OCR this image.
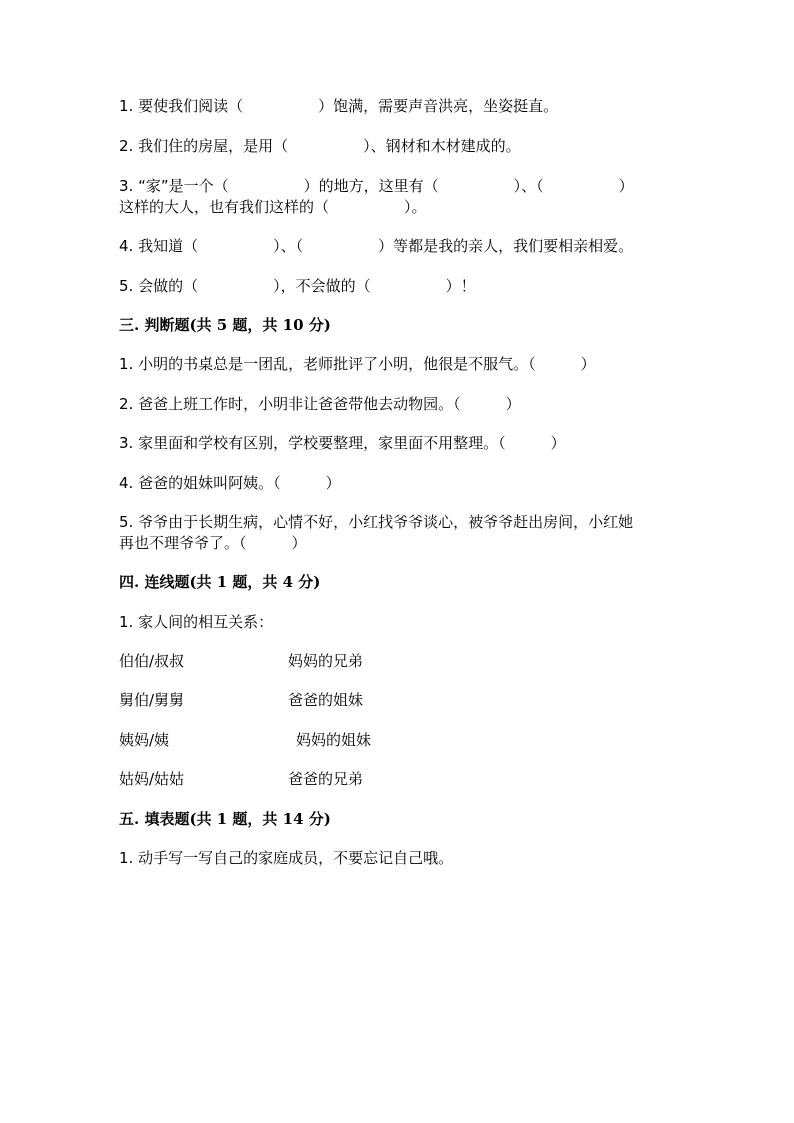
1. 要使我们阅读（　　　　　）饱满，需要声音洪亮，坐姿挺直。
2. 我们住的房屋，是用（　　　　　）、钢材和木材建成的。
3. “家”是一个（　　　　　）的地方，这里有（　　　　　）、（　　　　　）
这样的大人，也有我们这样的（　　　　　）。
4. 我知道（　　　　　）、（　　　　　）等都是我的亲人，我们要相亲相爱。
5. 会做的（　　　　　），不会做的（　　　　　）！
三. 判断题(共 5 题，共 10 分)
1. 小明的书桌总是一团乱，老师批评了小明，他很是不服气。（　　　）
2. 爸爸上班工作时，小明非让爸爸带他去动物园。（　　　）
3. 家里面和学校有区别，学校要整理，家里面不用整理。（　　　）
4. 爸爸的姐妹叫阿姨。（　　　）
5. 爷爷由于长期生病，心情不好，小红找爷爷谈心，被爷爷赶出房间，小红她
再也不理爷爷了。（　　　）
四. 连线题(共 1 题，共 4 分)
1. 家人间的相互关系：
伯伯/叔叔
舅伯/舅舅
姨妈/姨
姑妈/姑姑
妈妈的兄弟
爸爸的姐妹
妈妈的姐妹
爸爸的兄弟
五. 填表题(共 1 题，共 14 分)
1. 动手写一写自己的家庭成员，不要忘记自己哦。
